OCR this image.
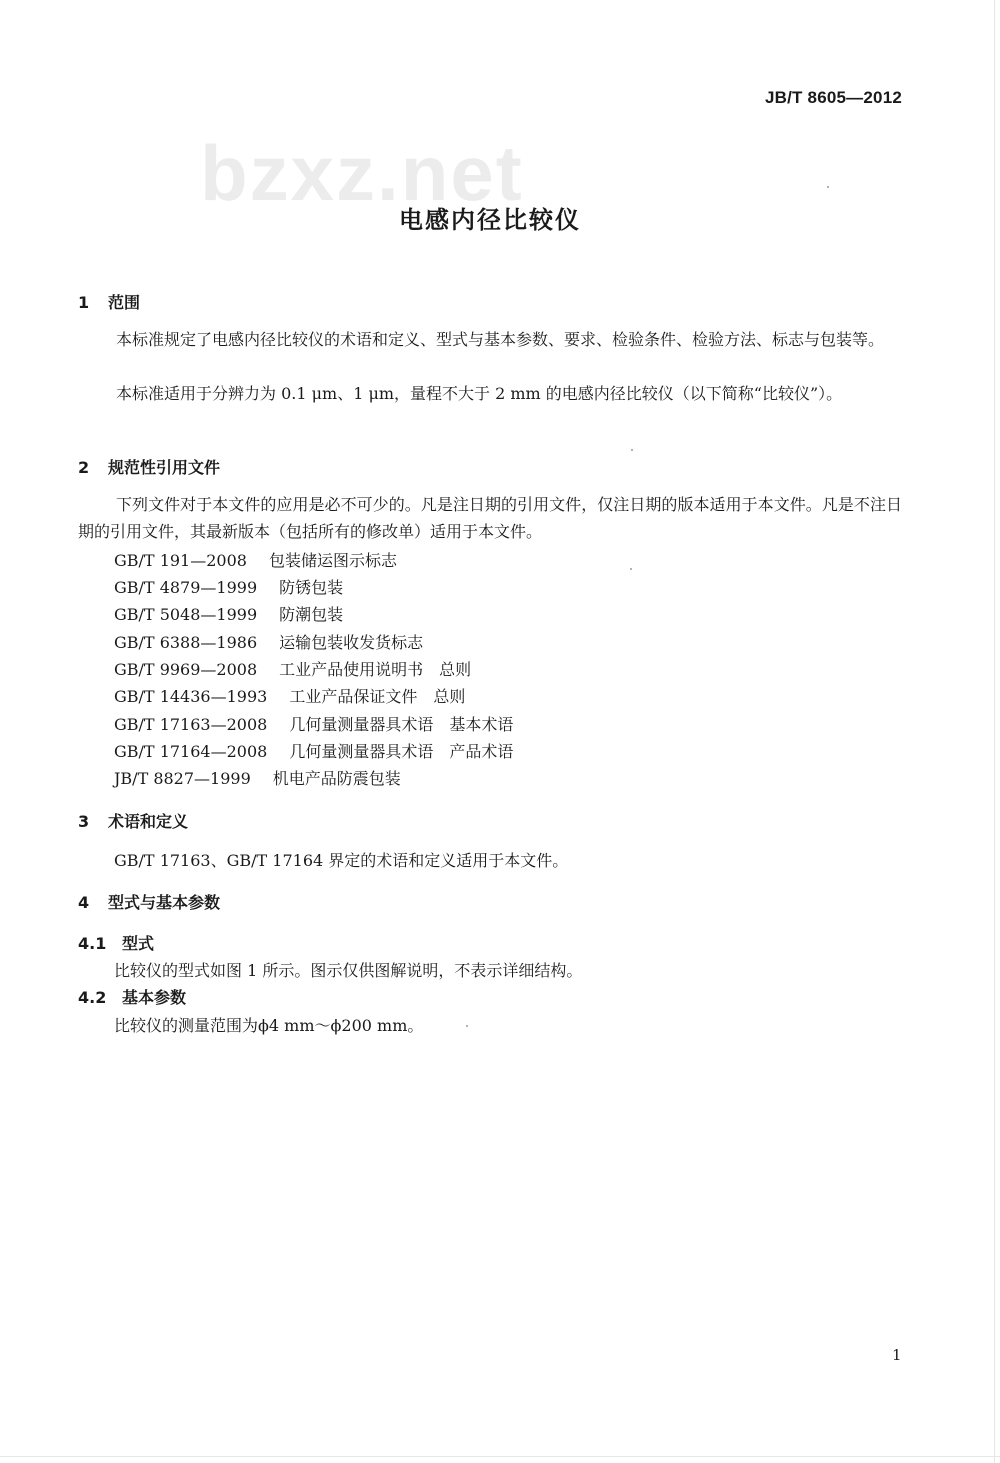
JB/T 8605—2012
bzxz.net
电感内径比较仪
1 范围
本标准规定了电感内径比较仪的术语和定义、型式与基本参数、要求、检验条件、检验方法、标志与包装等。
本标准适用于分辨力为 0.1 μm、1 μm，量程不大于 2 mm 的电感内径比较仪（以下简称“比较仪”）。
2 规范性引用文件
下列文件对于本文件的应用是必不可少的。凡是注日期的引用文件，仅注日期的版本适用于本文件。凡是不注日期的引用文件，其最新版本（包括所有的修改单）适用于本文件。
GB/T 191—2008 包装储运图示标志
GB/T 4879—1999 防锈包装
GB/T 5048—1999 防潮包装
GB/T 6388—1986 运输包装收发货标志
GB/T 9969—2008 工业产品使用说明书　总则
GB/T 14436—1993 工业产品保证文件　总则
GB/T 17163—2008 几何量测量器具术语　基本术语
GB/T 17164—2008 几何量测量器具术语　产品术语
JB/T 8827—1999 机电产品防震包装
3 术语和定义
GB/T 17163、GB/T 17164 界定的术语和定义适用于本文件。
4 型式与基本参数
4.1 型式
比较仪的型式如图 1 所示。图示仅供图解说明，不表示详细结构。
4.2 基本参数
比较仪的测量范围为ϕ4 mm～ϕ200 mm。
1
